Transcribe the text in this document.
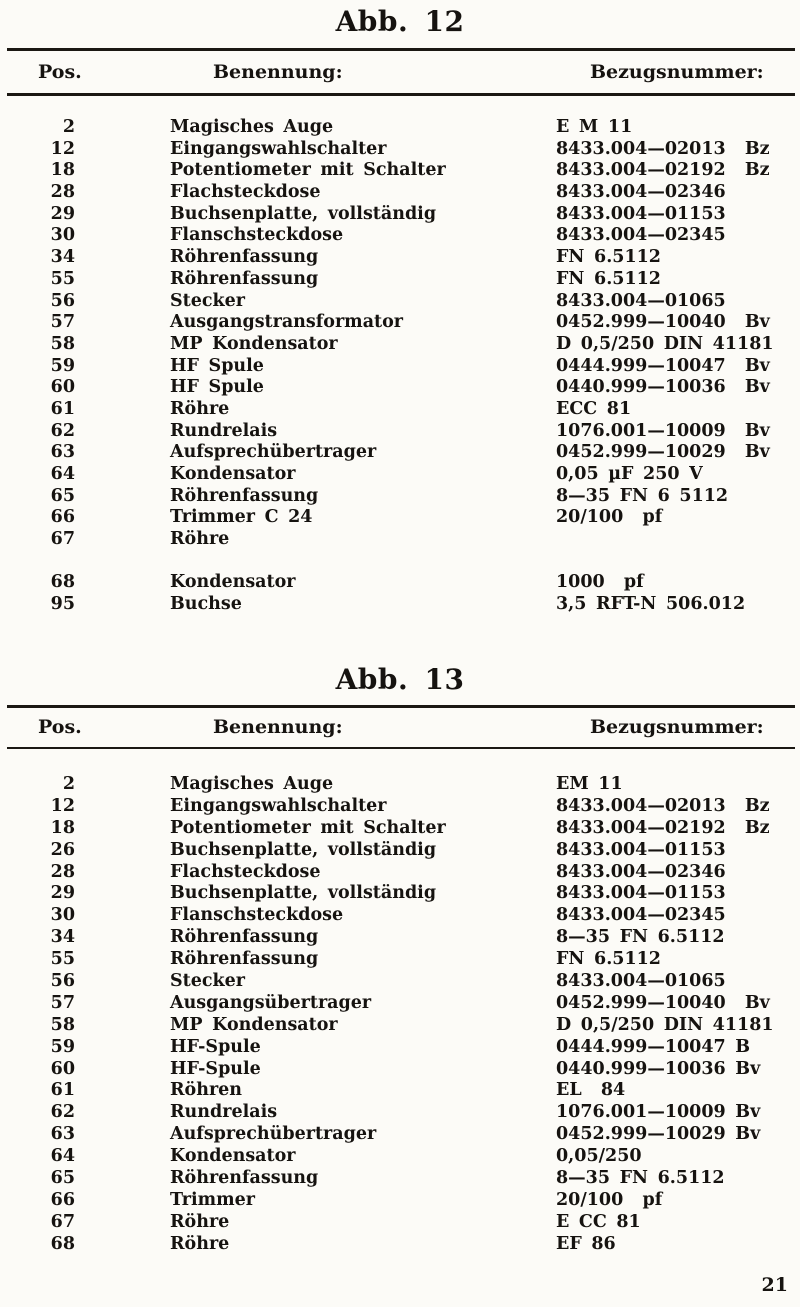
Abb. 12
Pos.	Benennung:	Bezugsnummer:
2	Magisches Auge	E M 11
12	Eingangswahlschalter	8433.004—02013  Bz
18	Potentiometer mit Schalter	8433.004—02192  Bz
28	Flachsteckdose	8433.004—02346
29	Buchsenplatte, vollständig	8433.004—01153
30	Flanschsteckdose	8433.004—02345
34	Röhrenfassung	FN 6.5112
55	Röhrenfassung	FN 6.5112
56	Stecker	8433.004—01065
57	Ausgangstransformator	0452.999—10040  Bv
58	MP Kondensator	D 0,5/250 DIN 41181
59	HF Spule	0444.999—10047  Bv
60	HF Spule	0440.999—10036  Bv
61	Röhre	ECC 81
62	Rundrelais	1076.001—10009  Bv
63	Aufsprechübertrager	0452.999—10029  Bv
64	Kondensator	0,05 µF 250 V
65	Röhrenfassung	8—35 FN 6 5112
66	Trimmer C 24	20/100  pf
67	Röhre
68	Kondensator	1000  pf
95	Buchse	3,5 RFT-N 506.012
Abb. 13
Pos.	Benennung:	Bezugsnummer:
2	Magisches Auge	EM 11
12	Eingangswahlschalter	8433.004—02013  Bz
18	Potentiometer mit Schalter	8433.004—02192  Bz
26	Buchsenplatte, vollständig	8433.004—01153
28	Flachsteckdose	8433.004—02346
29	Buchsenplatte, vollständig	8433.004—01153
30	Flanschsteckdose	8433.004—02345
34	Röhrenfassung	8—35 FN 6.5112
55	Röhrenfassung	FN 6.5112
56	Stecker	8433.004—01065
57	Ausgangsübertrager	0452.999—10040  Bv
58	MP Kondensator	D 0,5/250 DIN 41181
59	HF-Spule	0444.999—10047 B
60	HF-Spule	0440.999—10036 Bv
61	Röhren	EL  84
62	Rundrelais	1076.001—10009 Bv
63	Aufsprechübertrager	0452.999—10029 Bv
64	Kondensator	0,05/250
65	Röhrenfassung	8—35 FN 6.5112
66	Trimmer	20/100  pf
67	Röhre	E CC 81
68	Röhre	EF 86
21
